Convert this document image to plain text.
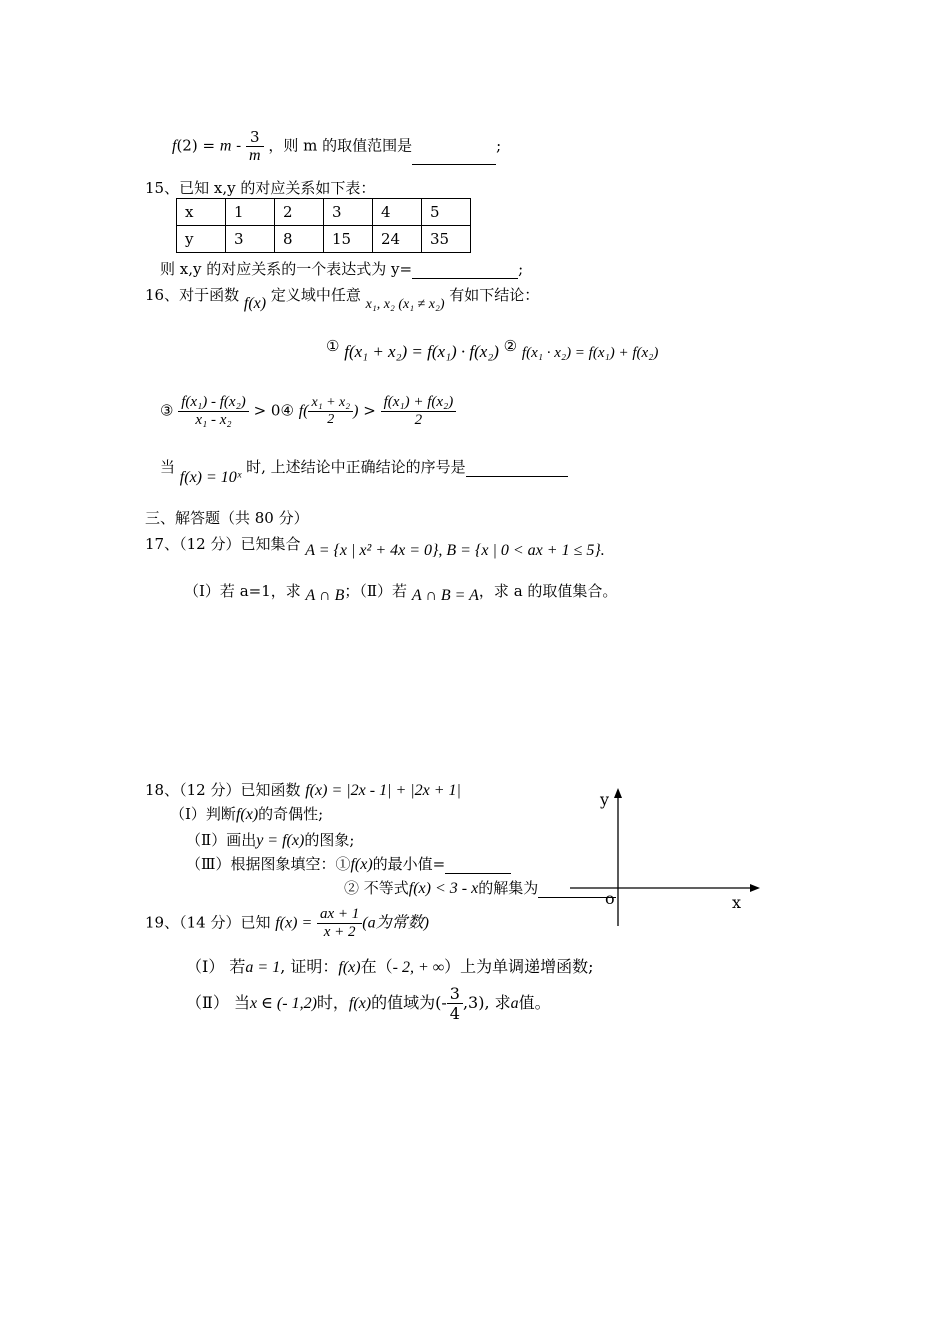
$f(2) = m - \frac{3}{m}$ ，则 m 的取值范围是	;
15、已知 x,y 的对应关系如下表：
x	1	2	3	4	5
y	3	8	15	24	35
则 x,y 的对应关系的一个表达式为 y=	;
16、对于函数 f(x) 定义域中任意 x₁, x₂ (x₁ ≠ x₂) 有如下结论：
① f(x₁ + x₂) = f(x₁) · f(x₂) ② f(x₁ · x₂) = f(x₁) + f(x₂)
③ $\frac{\text{f(x₁) - f(x₂)}}{\text{x₁ - x₂}}$ > 0④ $f( \frac{\text{x₁ + x₂}}{2}$ ) > $\frac{\text{f(x₁) + f(x₂)}}{2}$
当 f(x) = 10ˣ 时, 上述结论中正确结论的序号是
三、解答题（共 80 分）
17、（12 分）已知集合 A = {x | x² + 4x = 0}, B = {x | 0 < ax + 1 ≤ 5}.
（Ⅰ）若 a=1，求 A ∩ B；（Ⅱ）若 A ∩ B = A，求 a 的取值集合。
18、（12 分）已知函数 f(x) = |2x - 1| + |2x + 1|
（Ⅰ）判断f(x)的奇偶性;
（Ⅱ）画出y = f(x)的图象;
（Ⅲ）根据图象填空：①f(x)的最小值=
② 不等式f(x) < 3 - x的解集为
y
x
o
19、（14 分）已知 $f(x) = \frac{ax + 1}{x + 2} (a$为常数)
（Ⅰ） 若a = 1, 证明：f(x)在（- 2, + ∞）上为单调递增函数;
（Ⅱ） 当x ∈ (- 1,2)时，f(x)的值域为(- $\frac{3}{4} ,3$), 求a值。
